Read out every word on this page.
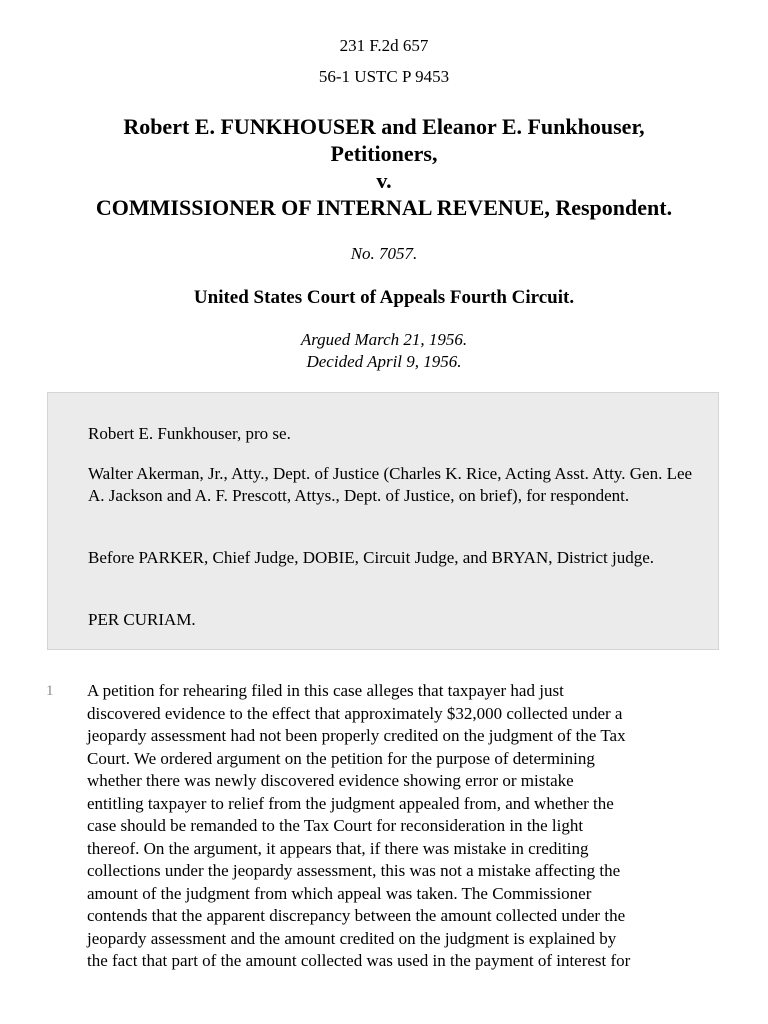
231 F.2d 657
56-1 USTC P 9453
Robert E. FUNKHOUSER and Eleanor E. Funkhouser,
Petitioners,
v.
COMMISSIONER OF INTERNAL REVENUE, Respondent.
No. 7057.
United States Court of Appeals Fourth Circuit.
Argued March 21, 1956.
Decided April 9, 1956.

Robert E. Funkhouser, pro se.

Walter Akerman, Jr., Atty., Dept. of Justice (Charles K. Rice, Acting Asst. Atty. Gen. Lee A. Jackson and A. F. Prescott, Attys., Dept. of Justice, on brief), for respondent.

Before PARKER, Chief Judge, DOBIE, Circuit Judge, and BRYAN, District judge.

PER CURIAM.

1 A petition for rehearing filed in this case alleges that taxpayer had just
discovered evidence to the effect that approximately $32,000 collected under a
jeopardy assessment had not been properly credited on the judgment of the Tax
Court. We ordered argument on the petition for the purpose of determining
whether there was newly discovered evidence showing error or mistake
entitling taxpayer to relief from the judgment appealed from, and whether the
case should be remanded to the Tax Court for reconsideration in the light
thereof. On the argument, it appears that, if there was mistake in crediting
collections under the jeopardy assessment, this was not a mistake affecting the
amount of the judgment from which appeal was taken. The Commissioner
contends that the apparent discrepancy between the amount collected under the
jeopardy assessment and the amount credited on the judgment is explained by
the fact that part of the amount collected was used in the payment of interest for
